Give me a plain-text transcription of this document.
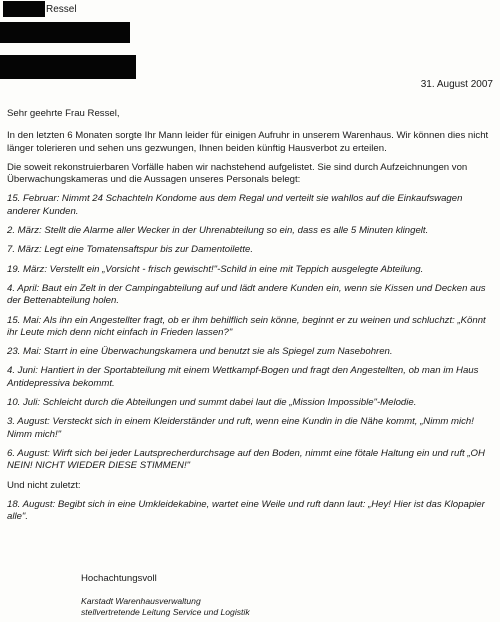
Ressel
31. August 2007

Sehr geehrte Frau Ressel,

In den letzten 6 Monaten sorgte Ihr Mann leider für einigen Aufruhr in unserem Warenhaus. Wir können dies nicht länger tolerieren und sehen uns gezwungen, Ihnen beiden künftig Hausverbot zu erteilen.

Die soweit rekonstruierbaren Vorfälle haben wir nachstehend aufgelistet. Sie sind durch Aufzeichnungen von Überwachungskameras und die Aussagen unseres Personals belegt:

15. Februar: Nimmt 24 Schachteln Kondome aus dem Regal und verteilt sie wahllos auf die Einkaufswagen anderer Kunden.

2. März: Stellt die Alarme aller Wecker in der Uhrenabteilung so ein, dass es alle 5 Minuten klingelt.

7. März: Legt eine Tomatensaftspur bis zur Damentoilette.

19. März: Verstellt ein „Vorsicht - frisch gewischt!"-Schild in eine mit Teppich ausgelegte Abteilung.

4. April: Baut ein Zelt in der Campingabteilung auf und lädt andere Kunden ein, wenn sie Kissen und Decken aus der Bettenabteilung holen.

15. Mai: Als ihn ein Angestellter fragt, ob er ihm behilflich sein könne, beginnt er zu weinen und schluchzt: „Könnt ihr Leute mich denn nicht einfach in Frieden lassen?"

23. Mai: Starrt in eine Überwachungskamera und benutzt sie als Spiegel zum Nasebohren.

4. Juni: Hantiert in der Sportabteilung mit einem Wettkampf-Bogen und fragt den Angestellten, ob man im Haus Antidepressiva bekommt.

10. Juli: Schleicht durch die Abteilungen und summt dabei laut die „Mission Impossible"-Melodie.

3. August: Versteckt sich in einem Kleiderständer und ruft, wenn eine Kundin in die Nähe kommt, „Nimm mich! Nimm mich!"

6. August: Wirft sich bei jeder Lautsprecherdurchsage auf den Boden, nimmt eine fötale Haltung ein und ruft „OH NEIN! NICHT WIEDER DIESE STIMMEN!"

Und nicht zuletzt:

18. August: Begibt sich in eine Umkleidekabine, wartet eine Weile und ruft dann laut: „Hey! Hier ist das Klopapier alle".

Hochachtungsvoll
Karstadt Warenhausverwaltung
stellvertretende Leitung Service und Logistik
